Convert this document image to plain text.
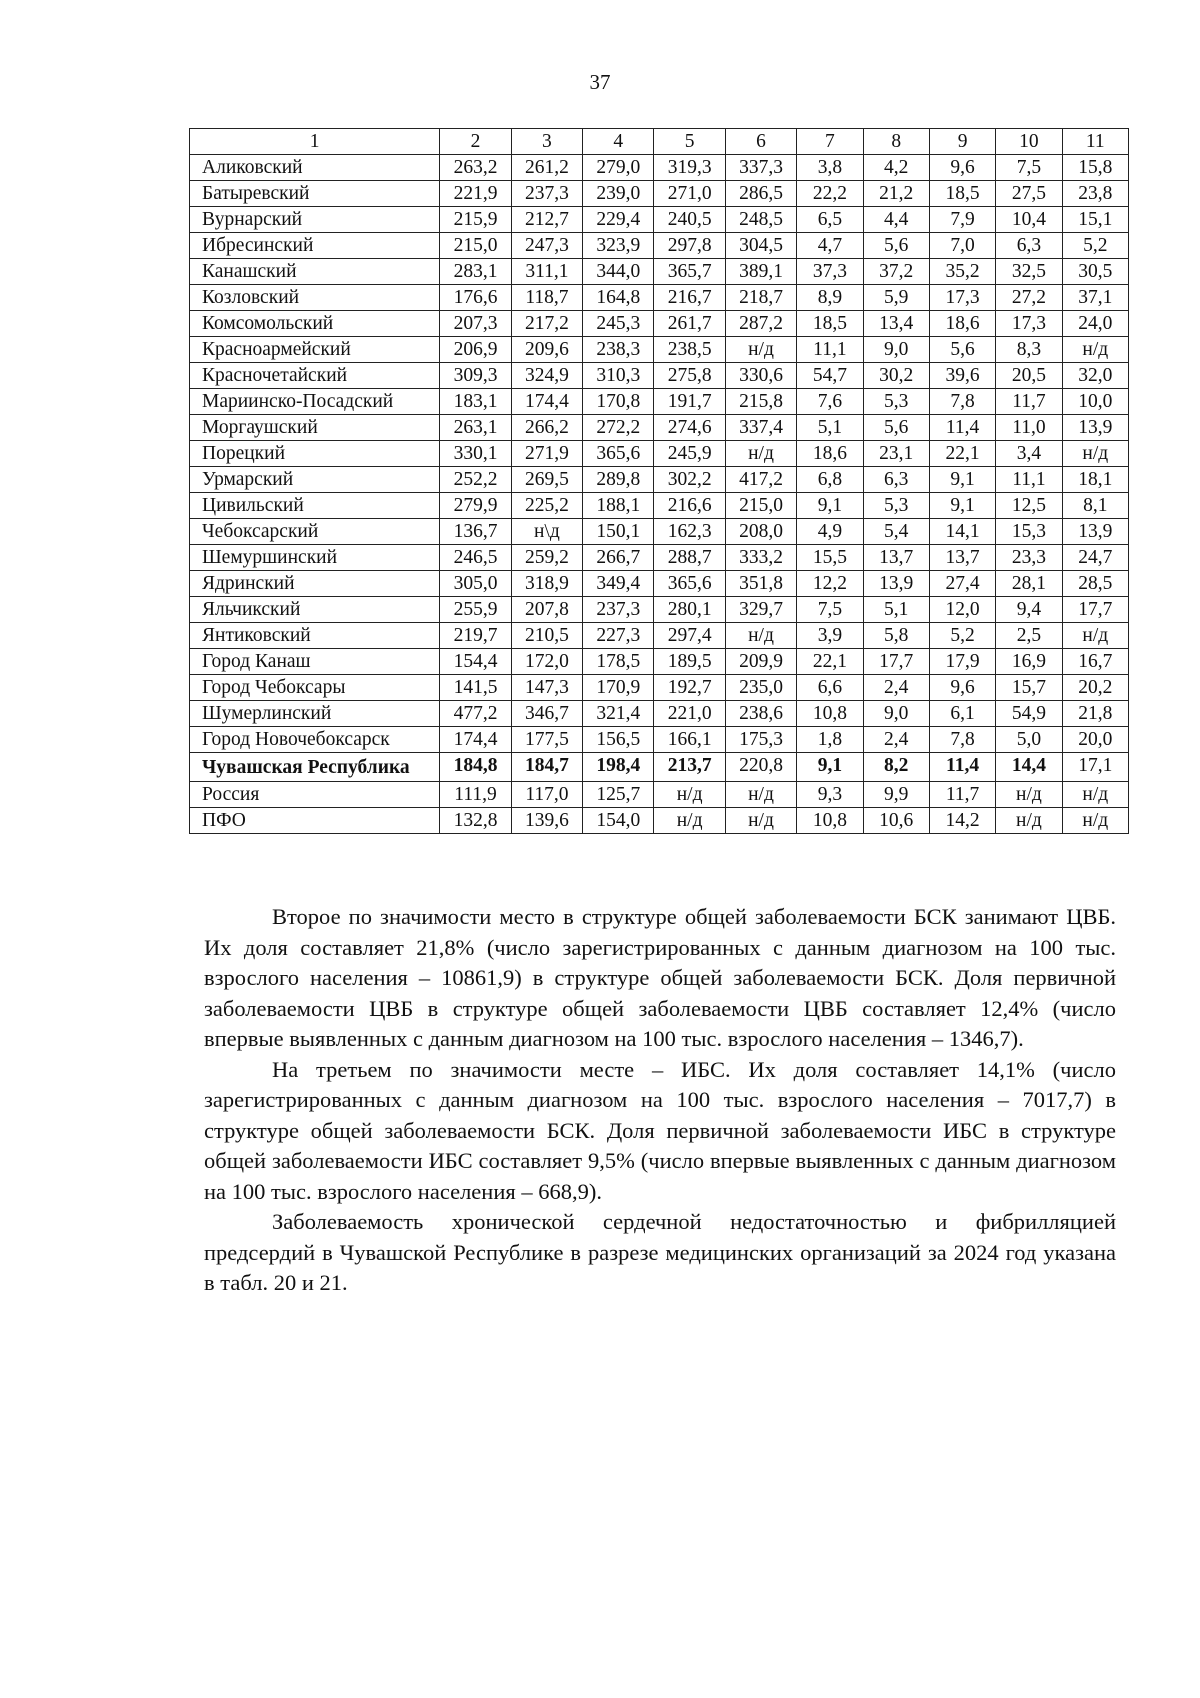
37
1	2	3	4	5	6	7	8	9	10	11
Аликовский	263,2	261,2	279,0	319,3	337,3	3,8	4,2	9,6	7,5	15,8
Батыревский	221,9	237,3	239,0	271,0	286,5	22,2	21,2	18,5	27,5	23,8
Вурнарский	215,9	212,7	229,4	240,5	248,5	6,5	4,4	7,9	10,4	15,1
Ибресинский	215,0	247,3	323,9	297,8	304,5	4,7	5,6	7,0	6,3	5,2
Канашский	283,1	311,1	344,0	365,7	389,1	37,3	37,2	35,2	32,5	30,5
Козловский	176,6	118,7	164,8	216,7	218,7	8,9	5,9	17,3	27,2	37,1
Комсомольский	207,3	217,2	245,3	261,7	287,2	18,5	13,4	18,6	17,3	24,0
Красноармейский	206,9	209,6	238,3	238,5	н/д	11,1	9,0	5,6	8,3	н/д
Красночетайский	309,3	324,9	310,3	275,8	330,6	54,7	30,2	39,6	20,5	32,0
Мариинско-Посадский	183,1	174,4	170,8	191,7	215,8	7,6	5,3	7,8	11,7	10,0
Моргаушский	263,1	266,2	272,2	274,6	337,4	5,1	5,6	11,4	11,0	13,9
Порецкий	330,1	271,9	365,6	245,9	н/д	18,6	23,1	22,1	3,4	н/д
Урмарский	252,2	269,5	289,8	302,2	417,2	6,8	6,3	9,1	11,1	18,1
Цивильский	279,9	225,2	188,1	216,6	215,0	9,1	5,3	9,1	12,5	8,1
Чебоксарский	136,7	н\д	150,1	162,3	208,0	4,9	5,4	14,1	15,3	13,9
Шемуршинский	246,5	259,2	266,7	288,7	333,2	15,5	13,7	13,7	23,3	24,7
Ядринский	305,0	318,9	349,4	365,6	351,8	12,2	13,9	27,4	28,1	28,5
Яльчикский	255,9	207,8	237,3	280,1	329,7	7,5	5,1	12,0	9,4	17,7
Янтиковский	219,7	210,5	227,3	297,4	н/д	3,9	5,8	5,2	2,5	н/д
Город Канаш	154,4	172,0	178,5	189,5	209,9	22,1	17,7	17,9	16,9	16,7
Город Чебоксары	141,5	147,3	170,9	192,7	235,0	6,6	2,4	9,6	15,7	20,2
Шумерлинский	477,2	346,7	321,4	221,0	238,6	10,8	9,0	6,1	54,9	21,8
Город Новочебоксарск	174,4	177,5	156,5	166,1	175,3	1,8	2,4	7,8	5,0	20,0
Чувашская Республика	184,8	184,7	198,4	213,7	220,8	9,1	8,2	11,4	14,4	17,1
Россия	111,9	117,0	125,7	н/д	н/д	9,3	9,9	11,7	н/д	н/д
ПФО	132,8	139,6	154,0	н/д	н/д	10,8	10,6	14,2	н/д	н/д

Второе по значимости место в структуре общей заболеваемости БСК занимают ЦВБ. Их доля составляет 21,8% (число зарегистрированных с данным диагнозом на 100 тыс. взрослого населения – 10861,9) в структуре общей заболеваемости БСК. Доля первичной заболеваемости ЦВБ в структуре общей заболеваемости ЦВБ составляет 12,4% (число впервые выявленных с данным диагнозом на 100 тыс. взрослого населения – 1346,7).

На третьем по значимости месте – ИБС. Их доля составляет 14,1% (число зарегистрированных с данным диагнозом на 100 тыс. взрослого населения – 7017,7) в структуре общей заболеваемости БСК. Доля первичной заболеваемости ИБС в структуре общей заболеваемости ИБС составляет 9,5% (число впервые выявленных с данным диагнозом на 100 тыс. взрослого населения – 668,9).

Заболеваемость хронической сердечной недостаточностью и фибрилляцией предсердий в Чувашской Республике в разрезе медицинских организаций за 2024 год указана в табл. 20 и 21.
